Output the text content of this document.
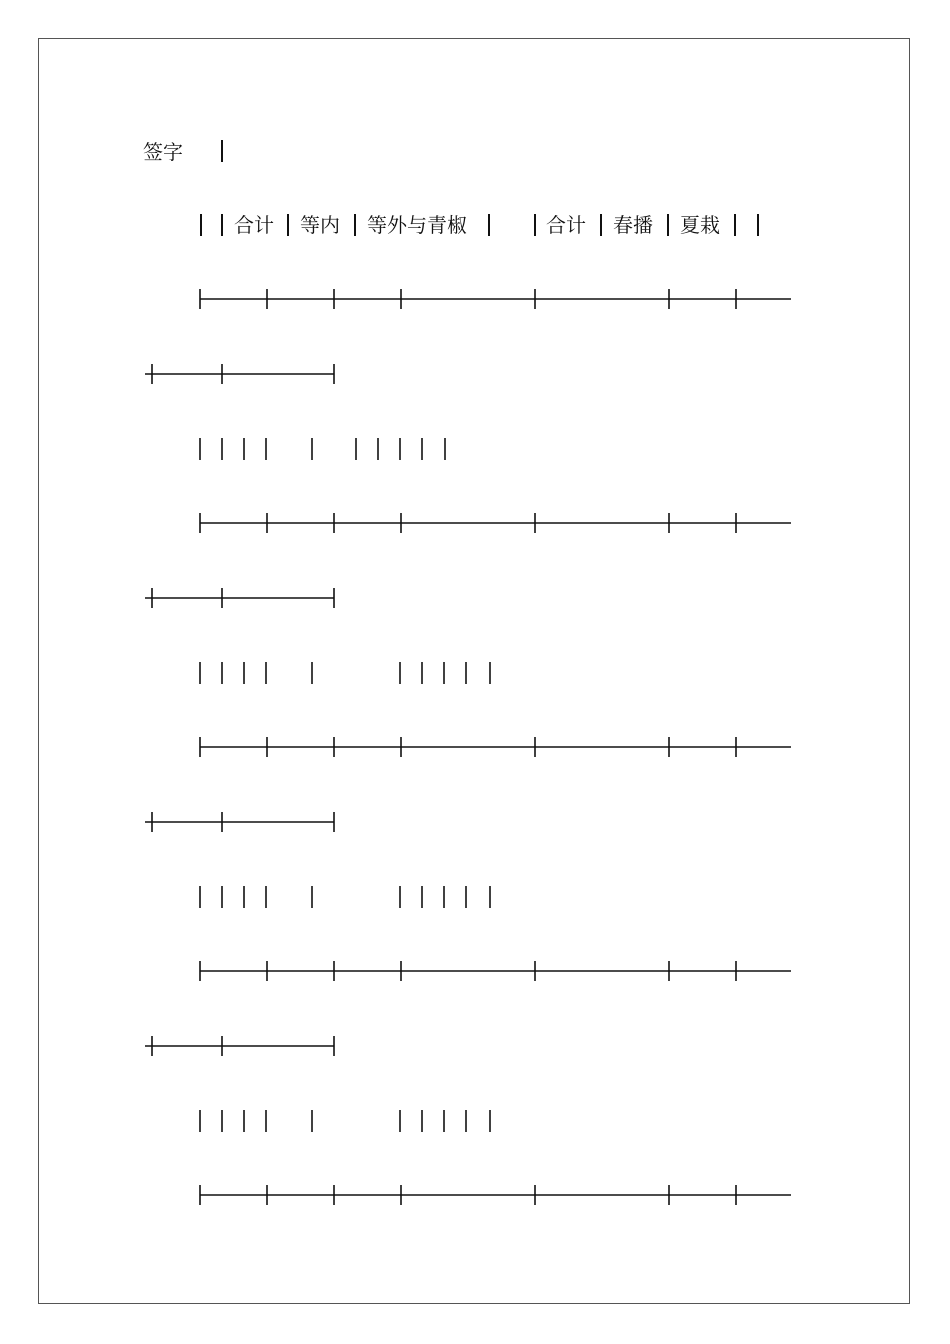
签字
合计 等内 等外与青椒	合计 春播 夏栽
